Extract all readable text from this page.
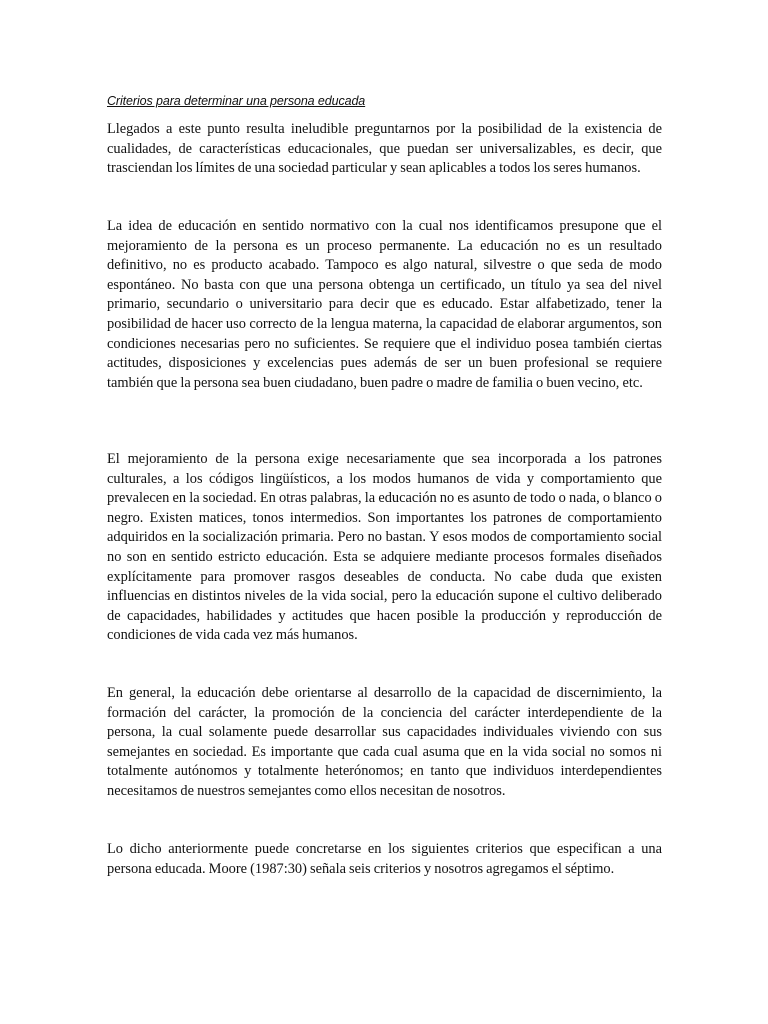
Criterios para determinar una persona educada

Llegados a este punto resulta ineludible preguntarnos por la posibilidad de la existencia de cualidades, de características educacionales, que puedan ser universalizables, es decir, que trasciendan los límites de una sociedad particular y sean aplicables a todos los seres humanos.

La idea de educación en sentido normativo con la cual nos identificamos presupone que el mejoramiento de la persona es un proceso permanente. La educación no es un resultado definitivo, no es producto acabado. Tampoco es algo natural, silvestre o que seda de modo espontáneo. No basta con que una persona obtenga un certificado, un título ya sea del nivel primario, secundario o universitario para decir que es educado. Estar alfabetizado, tener la posibilidad de hacer uso correcto de la lengua materna, la capacidad de elaborar argumentos, son condiciones necesarias pero no suficientes. Se requiere que el individuo posea también ciertas actitudes, disposiciones y excelencias pues además de ser un buen profesional se requiere también que la persona sea buen ciudadano, buen padre o madre de familia o buen vecino, etc.

El mejoramiento de la persona exige necesariamente que sea incorporada a los patrones culturales, a los códigos lingüísticos, a los modos humanos de vida y comportamiento que prevalecen en la sociedad. En otras palabras, la educación no es asunto de todo o nada, o blanco o negro. Existen matices, tonos intermedios. Son importantes los patrones de comportamiento adquiridos en la socialización primaria. Pero no bastan. Y esos modos de comportamiento social no son en sentido estricto educación. Esta se adquiere mediante procesos formales diseñados explícitamente para promover rasgos deseables de conducta. No cabe duda que existen influencias en distintos niveles de la vida social, pero la educación supone el cultivo deliberado de capacidades, habilidades y actitudes que hacen posible la producción y reproducción de condiciones de vida cada vez más humanos.

En general, la educación debe orientarse al desarrollo de la capacidad de discernimiento, la formación del carácter, la promoción de la conciencia del carácter interdependiente de la persona, la cual solamente puede desarrollar sus capacidades individuales viviendo con sus semejantes en sociedad. Es importante que cada cual asuma que en la vida social no somos ni totalmente autónomos y totalmente heterónomos; en tanto que individuos interdependientes necesitamos de nuestros semejantes como ellos necesitan de nosotros.

Lo dicho anteriormente puede concretarse en los siguientes criterios que especifican a una persona educada. Moore (1987:30) señala seis criterios y nosotros agregamos el séptimo.
